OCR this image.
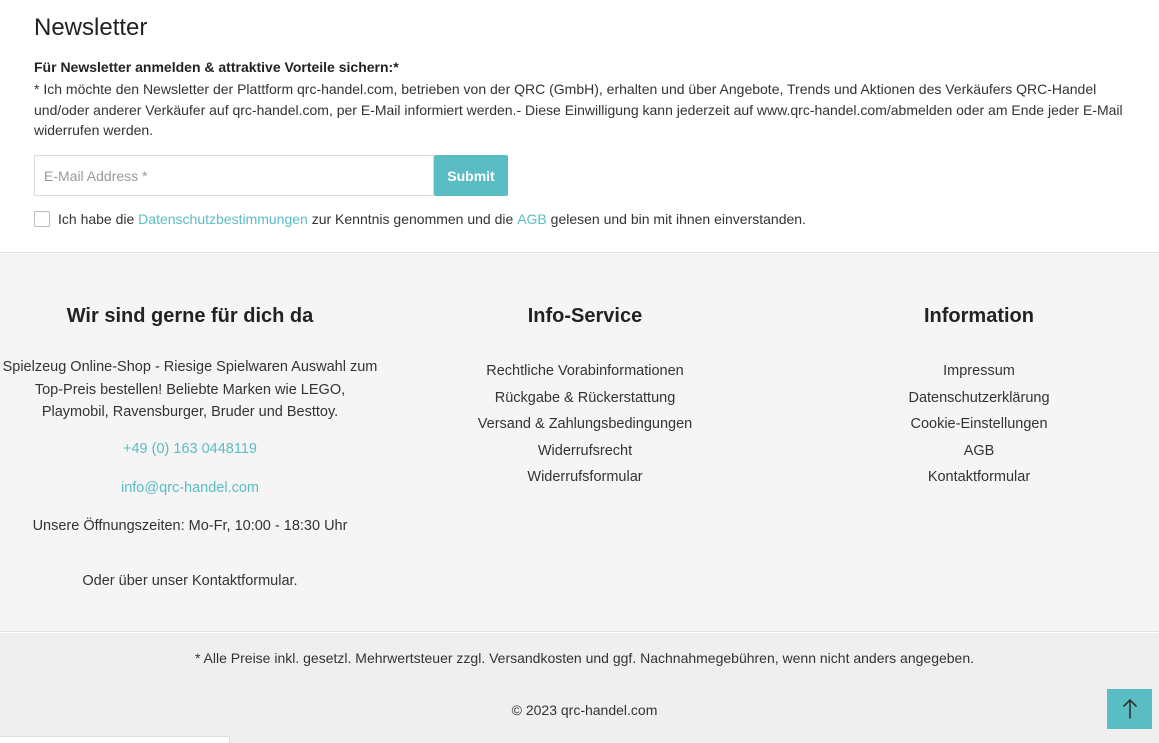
Newsletter

Für Newsletter anmelden & attraktive Vorteile sichern:*

* Ich möchte den Newsletter der Plattform qrc-handel.com, betrieben von der QRC (GmbH), erhalten und über Angebote, Trends und Aktionen des Verkäufers QRC-Handel und/oder anderer Verkäufer auf qrc-handel.com, per E-Mail informiert werden.- Diese Einwilligung kann jederzeit auf www.qrc-handel.com/abmelden oder am Ende jeder E-Mail widerrufen werden.

E-Mail Address *
Submit
Ich habe die Datenschutzbestimmungen zur Kenntnis genommen und die AGB gelesen und bin mit ihnen einverstanden.
Wir sind gerne für dich da

Spielzeug Online-Shop - Riesige Spielwaren Auswahl zum Top-Preis bestellen! Beliebte Marken wie LEGO, Playmobil, Ravensburger, Bruder und Besttoy.

+49 (0) 163 0448119
info@qrc-handel.com

Unsere Öffnungszeiten: Mo-Fr, 10:00 - 18:30 Uhr

Oder über unser Kontaktformular.

Info-Service
Rechtliche Vorabinformationen
Rückgabe & Rückerstattung
Versand & Zahlungsbedingungen
Widerrufsrecht
Widerrufsformular
Information
Impressum
Datenschutzerklärung
Cookie-Einstellungen
AGB
Kontaktformular

* Alle Preise inkl. gesetzl. Mehrwertsteuer zzgl. Versandkosten und ggf. Nachnahmegebühren, wenn nicht anders angegeben.

© 2023 qrc-handel.com
